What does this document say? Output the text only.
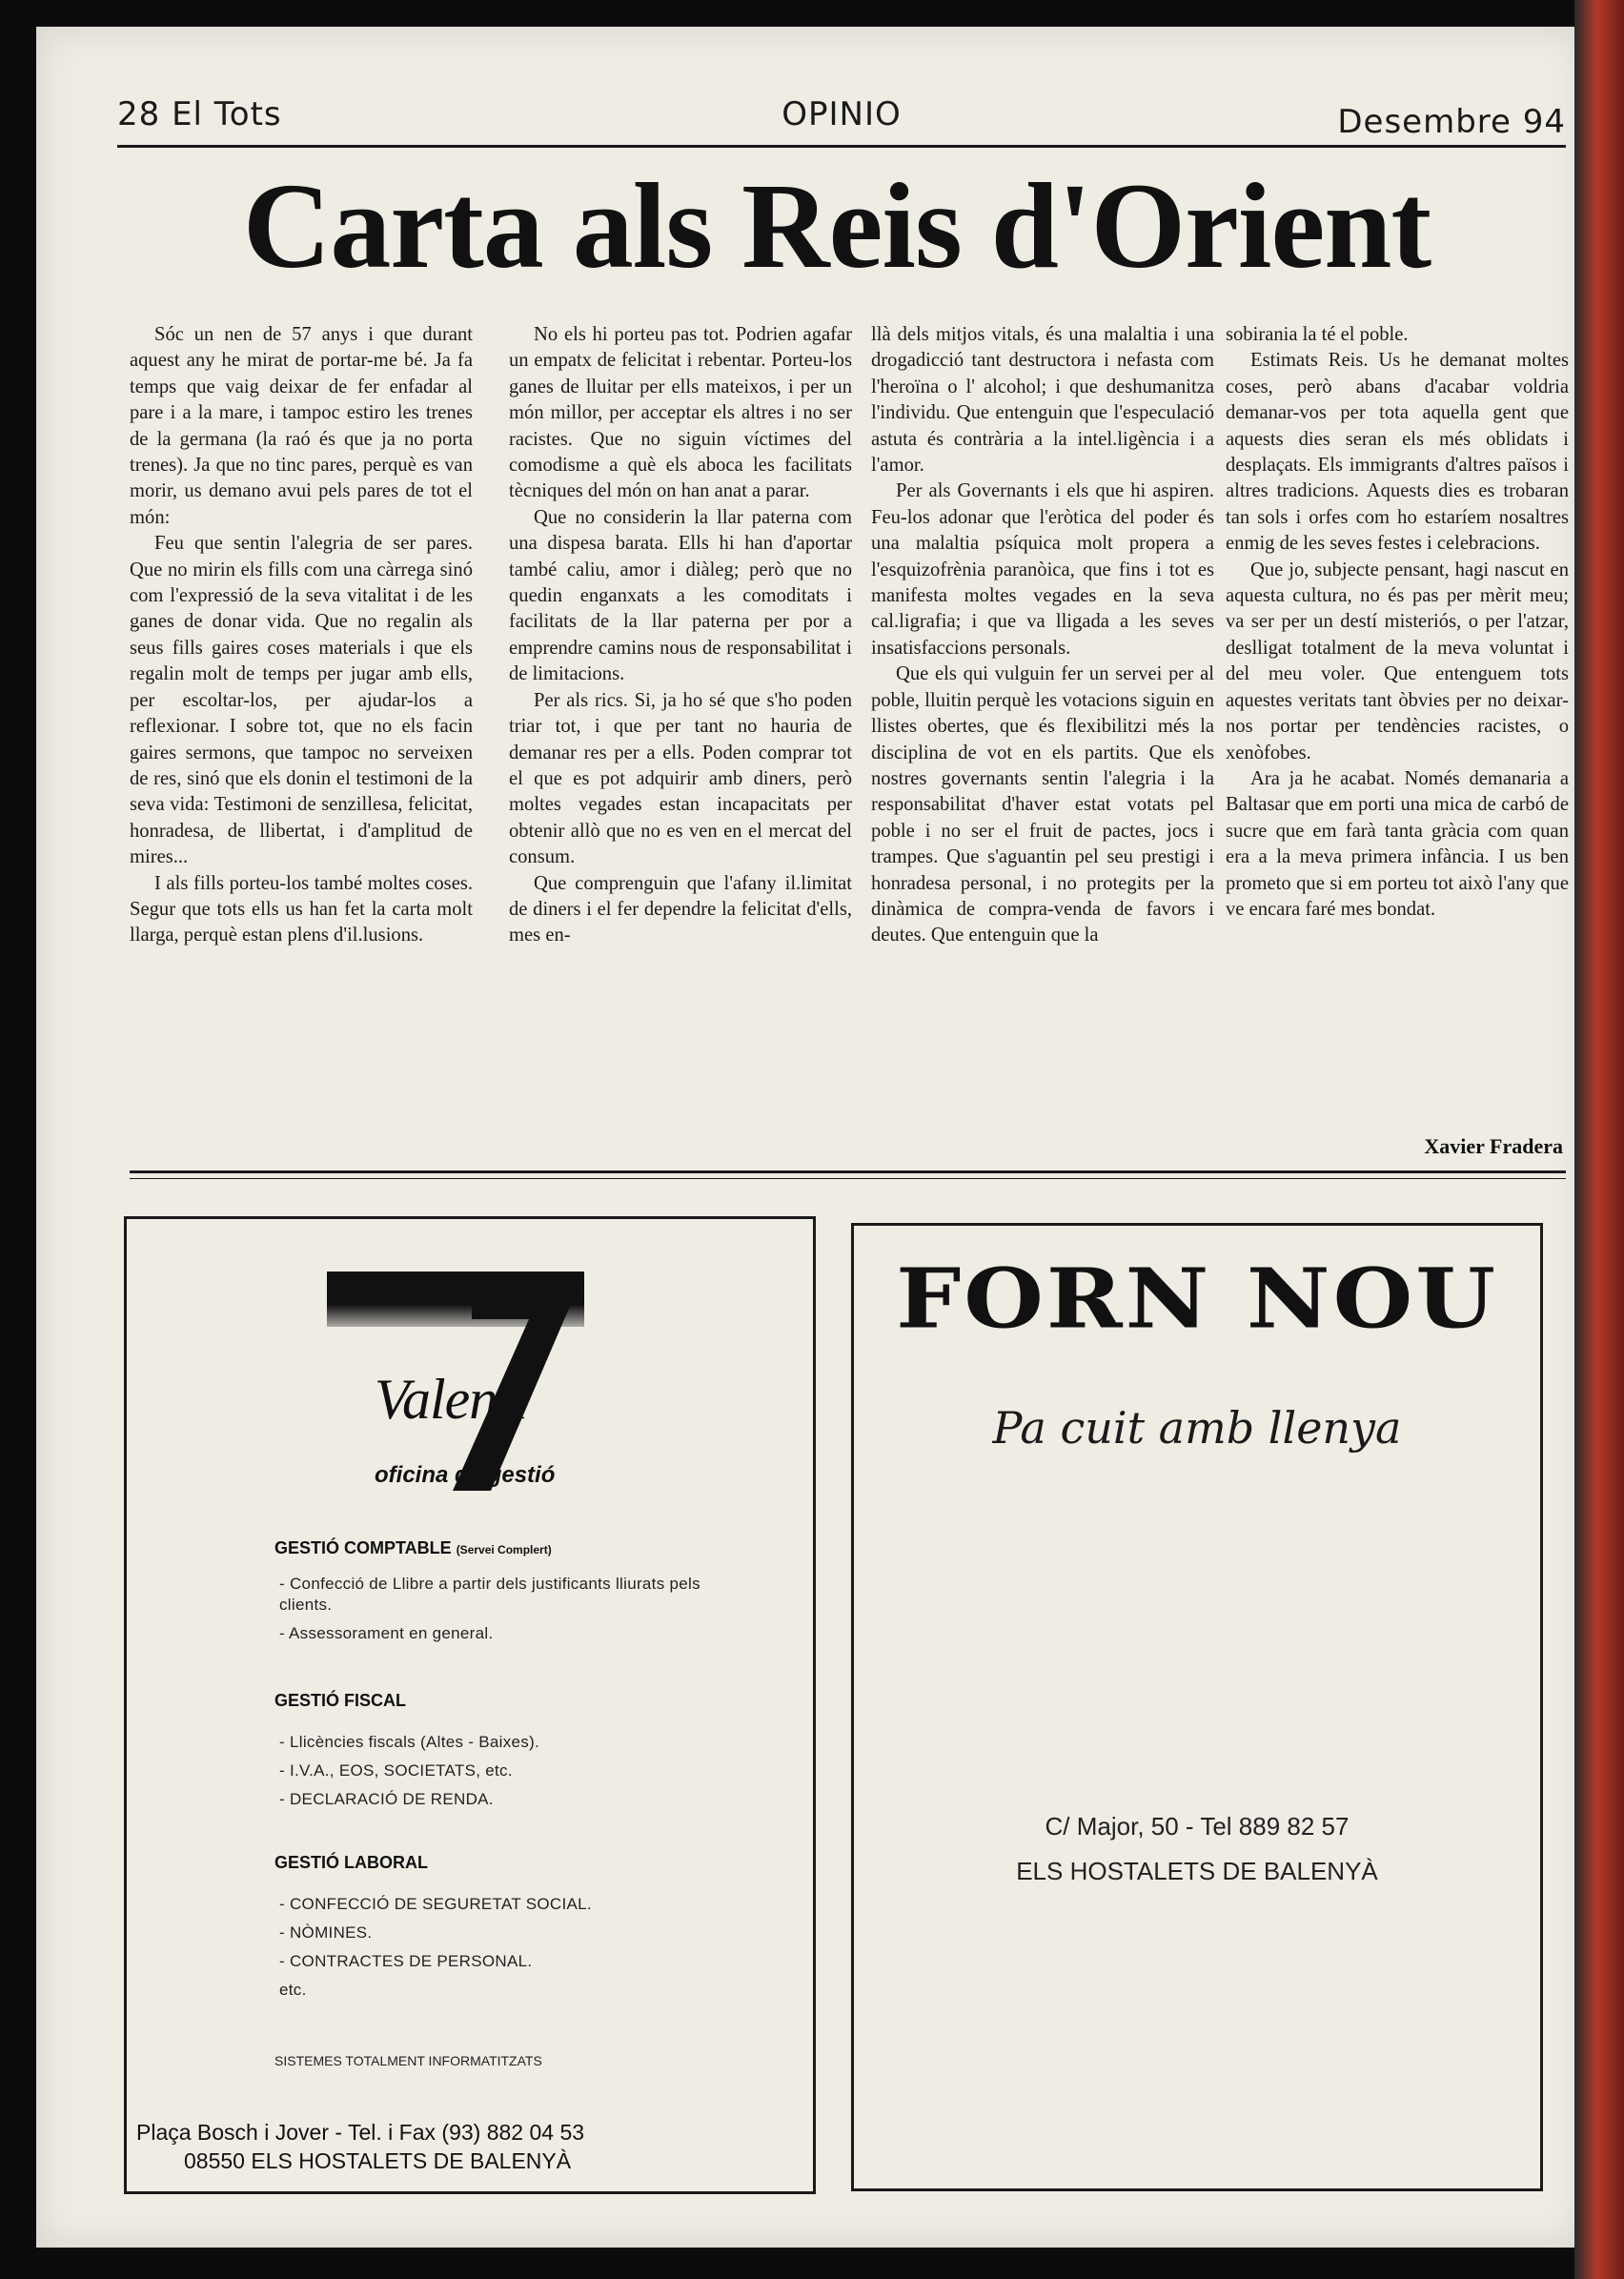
28 El Tots	OPINIO	Desembre 94
Carta als Reis d'Orient

Sóc un nen de 57 anys i que durant aquest any he mirat de portar-me bé. Ja fa temps que vaig deixar de fer enfadar al pare i a la mare, i tampoc estiro les trenes de la germana (la raó és que ja no porta trenes). Ja que no tinc pares, perquè es van morir, us demano avui pels pares de tot el món:

Feu que sentin l'alegria de ser pares. Que no mirin els fills com una càrrega sinó com l'expressió de la seva vitalitat i de les ganes de donar vida. Que no regalin als seus fills gaires coses materials i que els regalin molt de temps per jugar amb ells, per escoltar-los, per ajudar-los a reflexionar. I sobre tot, que no els facin gaires sermons, que tampoc no serveixen de res, sinó que els donin el testimoni de la seva vida: Testimoni de senzillesa, felicitat, honradesa, de llibertat, i d'amplitud de mires...

I als fills porteu-los també moltes coses. Segur que tots ells us han fet la carta molt llarga, perquè estan plens d'il.lusions.

No els hi porteu pas tot. Podrien agafar un empatx de felicitat i rebentar. Porteu-los ganes de lluitar per ells mateixos, i per un món millor, per acceptar els altres i no ser racistes. Que no siguin víctimes del comodisme a què els aboca les facilitats tècniques del món on han anat a parar.

Que no considerin la llar paterna com una dispesa barata. Ells hi han d'aportar també caliu, amor i diàleg; però que no quedin enganxats a les comoditats i facilitats de la llar paterna per por a emprendre camins nous de responsabilitat i de limitacions.

Per als rics. Si, ja ho sé que s'ho poden triar tot, i que per tant no hauria de demanar res per a ells. Poden comprar tot el que es pot adquirir amb diners, però moltes vegades estan incapacitats per obtenir allò que no es ven en el mercat del consum.

Que comprenguin que l'afany il.limitat de diners i el fer dependre la felicitat d'ells, mes en-

llà dels mitjos vitals, és una malaltia i una drogadicció tant destructora i nefasta com l'heroïna o l' alcohol; i que deshumanitza l'individu. Que entenguin que l'especulació astuta és contrària a la intel.ligència i a l'amor.

Per als Governants i els que hi aspiren. Feu-los adonar que l'eròtica del poder és una malaltia psíquica molt propera a l'esquizofrènia paranòica, que fins i tot es manifesta moltes vegades en la seva cal.ligrafia; i que va lligada a les seves insatisfaccions personals.

Que els qui vulguin fer un servei per al poble, lluitin perquè les votacions siguin en llistes obertes, que és flexibilitzi més la disciplina de vot en els partits. Que els nostres governants sentin l'alegria i la responsabilitat d'haver estat votats pel poble i no ser el fruit de pactes, jocs i trampes. Que s'aguantin pel seu prestigi i honradesa personal, i no protegits per la dinàmica de compra-venda de favors i deutes. Que entenguin que la

sobirania la té el poble.

Estimats Reis. Us he demanat moltes coses, però abans d'acabar voldria demanar-vos per tota aquella gent que aquests dies seran els més oblidats i desplaçats. Els immigrants d'altres països i altres tradicions. Aquests dies es trobaran tan sols i orfes com ho estaríem nosaltres enmig de les seves festes i celebracions.

Que jo, subjecte pensant, hagi nascut en aquesta cultura, no és pas per mèrit meu; va ser per un destí misteriós, o per l'atzar, deslligat totalment de la meva voluntat i del meu voler. Que entenguem tots aquestes veritats tant òbvies per no deixar-nos portar per tendències racistes, o xenòfobes.

Ara ja he acabat. Només demanaria a Baltasar que em porti una mica de carbó de sucre que em farà tanta gràcia com quan era a la meva primera infància. I us ben prometo que si em porteu tot això l'any que ve encara faré mes bondat.

Xavier Fradera
Valenti
oficina de gestió
GESTIÓ COMPTABLE (Servei Complert)
- Confecció de Llibre a partir dels justificants lliurats pels clients.
- Assessorament en general.
GESTIÓ FISCAL
- Llicències fiscals (Altes - Baixes).
- I.V.A., EOS, SOCIETATS, etc.
- DECLARACIÓ DE RENDA.
GESTIÓ LABORAL
- CONFECCIÓ DE SEGURETAT SOCIAL.
- NÒMINES.
- CONTRACTES DE PERSONAL.
etc.
SISTEMES TOTALMENT INFORMATITZATS
Plaça Bosch i Jover - Tel. i Fax (93) 882 04 53
08550 ELS HOSTALETS DE BALENYÀ
FORN NOU
Pa cuit amb llenya
C/ Major, 50 - Tel 889 82 57
ELS HOSTALETS DE BALENYÀ
